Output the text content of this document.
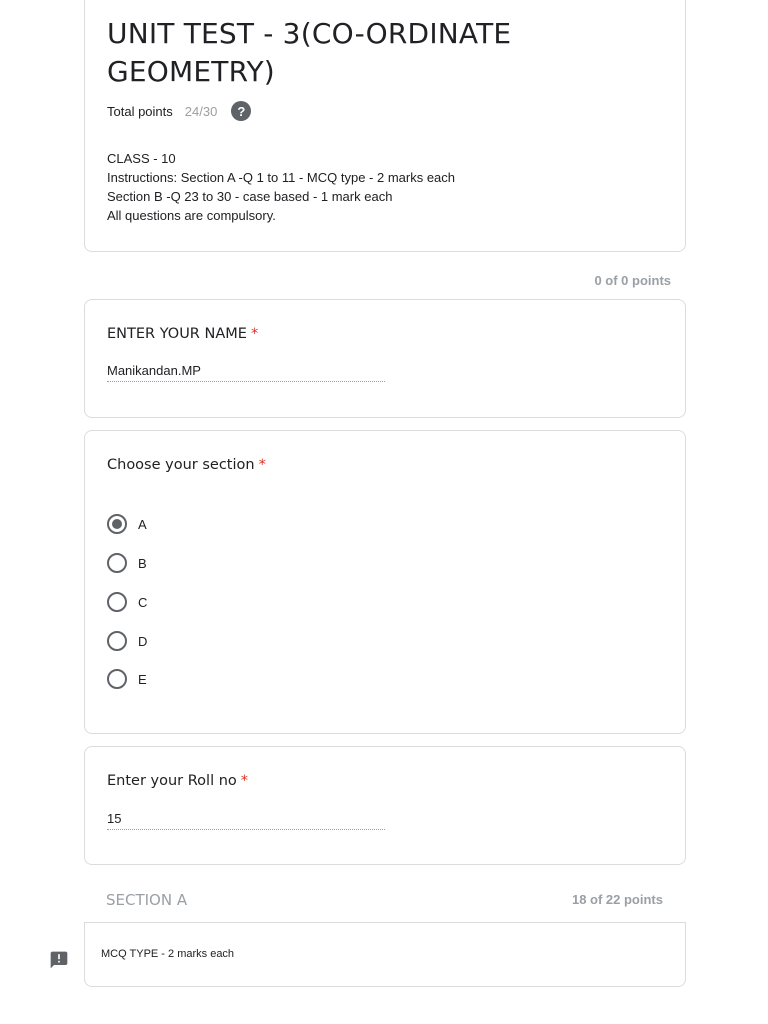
UNIT TEST - 3(CO-ORDINATE GEOMETRY)
Total points 24/30	?
CLASS - 10
Instructions: Section A -Q 1 to 11 - MCQ type - 2 marks each
Section B -Q 23 to 30 - case based - 1 mark each
All questions are compulsory.
0 of 0 points
ENTER YOUR NAME *
Manikandan.MP
Choose your section *
A
B
C
D
E
Enter your Roll no *
15
SECTION A	18 of 22 points
MCQ TYPE - 2 marks each
